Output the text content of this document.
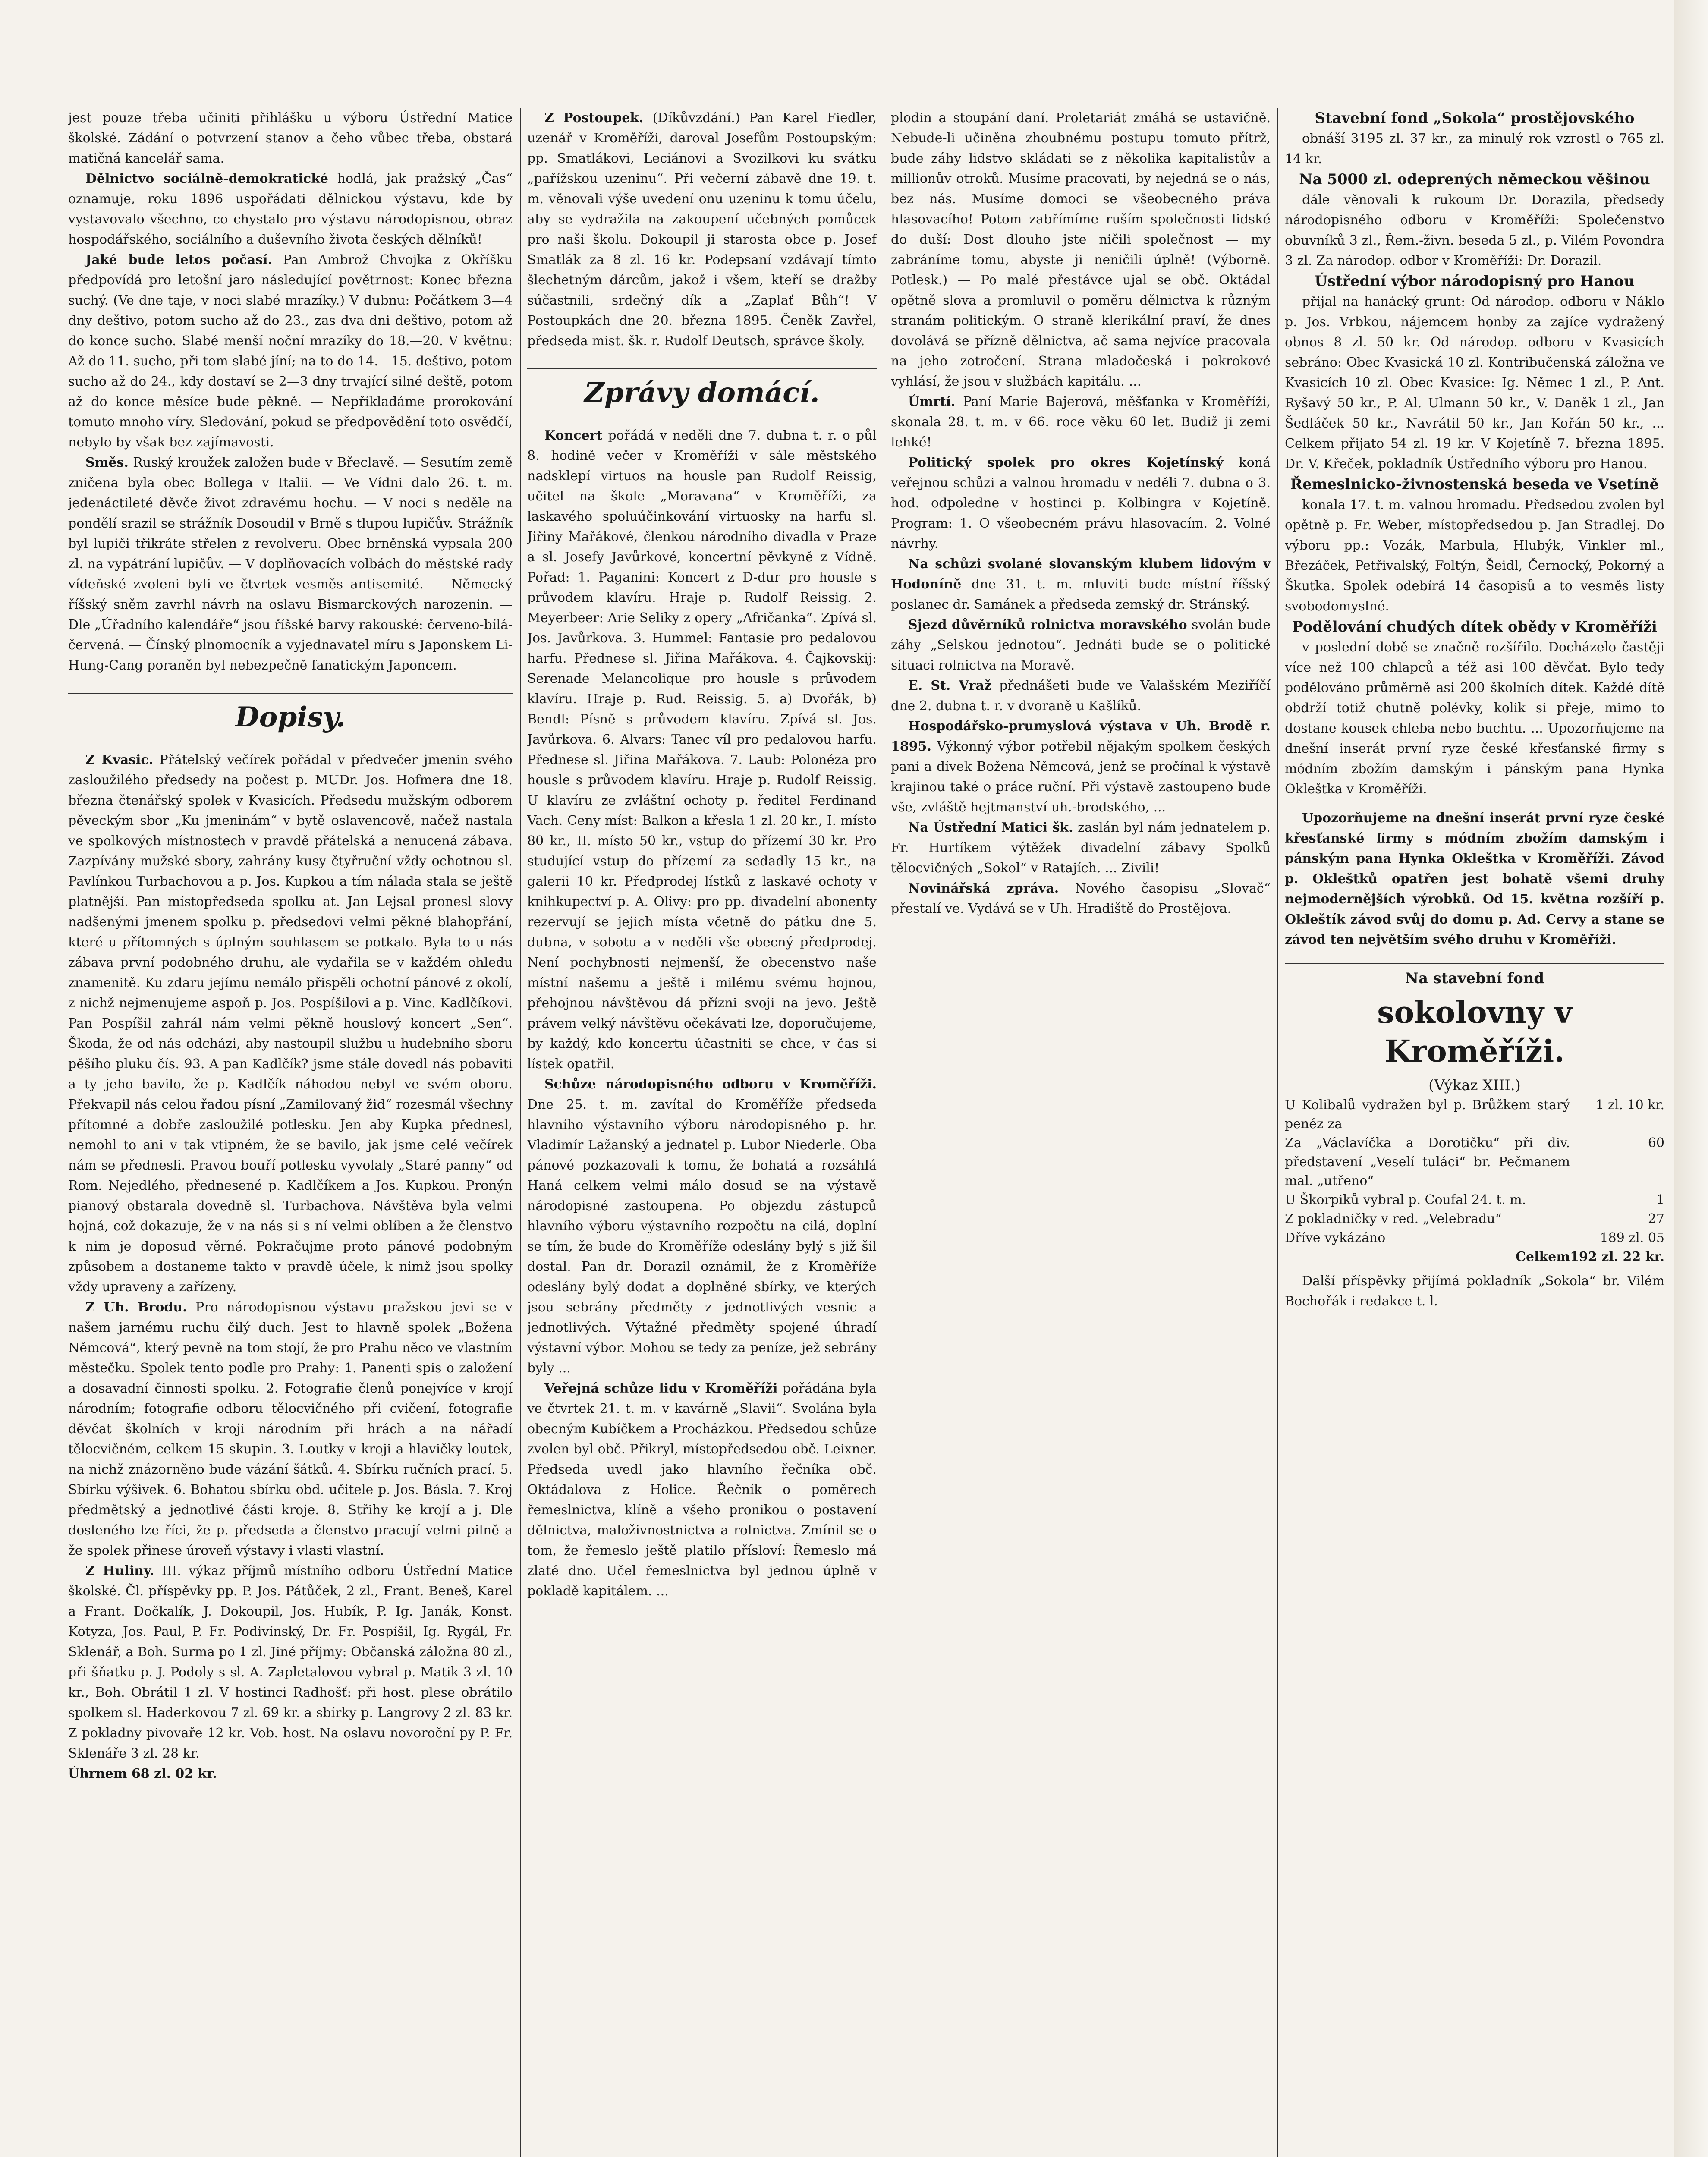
jest pouze třeba učiniti přihlášku u výboru Ústřední Matice školské. Zádání o potvrzení stanov a čeho vůbec třeba, obstará matičná kancelář sama.

Dělnictvo sociálně-demokratické hodlá, jak pražský „Čas“ oznamuje, roku 1896 uspořádati dělnickou výstavu, kde by vystavovalo všechno, co chystalo pro výstavu národopisnou, obraz hospodářského, sociálního a duševního života českých dělníků!

Jaké bude letos počasí. Pan Ambrož Chvojka z Okříšku předpovídá pro letošní jaro následující povětrnost: Konec března suchý. (Ve dne taje, v noci slabé mrazíky.) V dubnu: Počátkem 3—4 dny deštivo, potom sucho až do 23., zas dva dni deštivo, potom až do konce sucho. Slabé menší noční mrazíky do 18.—20. V květnu: Až do 11. sucho, při tom slabé jíní; na to do 14.—15. deštivo, potom sucho až do 24., kdy dostaví se 2—3 dny trvající silné deště, potom až do konce měsíce bude pěkně. — Nepříkladáme prorokování tomuto mnoho víry. Sledování, pokud se předpovědění toto osvědčí, nebylo by však bez zajímavosti.

Směs. Ruský kroužek založen bude v Břeclavě. — Sesutím země zničena byla obec Bollega v Italii. — Ve Vídni dalo 26. t. m. jedenáctileté děvče život zdravému hochu. — V noci s neděle na pondělí srazil se strážník Dosoudil v Brně s tlupou lupičův. Strážník byl lupiči třikráte střelen z revolveru. Obec brněnská vypsala 200 zl. na vypátrání lupičův. — V doplňovacích volbách do městské rady vídeňské zvoleni byli ve čtvrtek vesměs antisemité. — Německý říšský sněm zavrhl návrh na oslavu Bismarckových narozenin. — Dle „Úřadního kalendáře“ jsou říšské barvy rakouské: červeno-bílá-červená. — Čínský plnomocník a vyjednavatel míru s Japonskem Li-Hung-Cang poraněn byl nebezpečně fanatickým Japoncem.

Dopisy.

Z Kvasic. Přátelský večírek pořádal v předvečer jmenin svého zasloužilého předsedy na počest p. MUDr. Jos. Hofmera dne 18. března čtenářský spolek v Kvasicích. Předsedu mužským odborem pěveckým sbor „Ku jmeninám“ v bytě oslavencově, načež nastala ve spolkových místnostech v pravdě přátelská a nenucená zábava. Zazpívány mužské sbory, zahrány kusy čtyřruční vždy ochotnou sl. Pavlínkou Turbachovou a p. Jos. Kupkou a tím nálada stala se ještě platnější. Pan místopředseda spolku at. Jan Lejsal pronesl slovy nadšenými jmenem spolku p. předsedovi velmi pěkné blahopřání, které u přítomných s úplným souhlasem se potkalo. Byla to u nás zábava první podobného druhu, ale vydařila se v každém ohledu znamenitě. Ku zdaru jejímu nemálo přispěli ochotní pánové z okolí, z nichž nejmenujeme aspoň p. Jos. Pospíšilovi a p. Vinc. Kadlčíkovi. Pan Pospíšil zahrál nám velmi pěkně houslový koncert „Sen“. Škoda, že od nás odcházi, aby nastoupil službu u hudebního sboru pěšího pluku čís. 93. A pan Kadlčík? jsme stále dovedl nás pobaviti a ty jeho bavilo, že p. Kadlčík náhodou nebyl ve svém oboru. Překvapil nás celou řadou písní „Zamilovaný žid“ rozesmál všechny přítomné a dobře zasloužilé potlesku. Jen aby Kupka přednesl, nemohl to ani v tak vtipném, že se bavilo, jak jsme celé večírek nám se přednesli. Pravou bouří potlesku vyvolaly „Staré panny“ od Rom. Nejedlého, přednesené p. Kadlčíkem a Jos. Kupkou. Pronýn pianový obstarala dovedně sl. Turbachova. Návštěva byla velmi hojná, což dokazuje, že v na nás si s ní velmi oblíben a že členstvo k nim je doposud věrné. Pokračujme proto pánové podobným způsobem a dostaneme takto v pravdě účele, k nimž jsou spolky vždy upraveny a zařízeny.

Z Uh. Brodu. Pro národopisnou výstavu pražskou jevi se v našem jarnému ruchu čilý duch. Jest to hlavně spolek „Božena Němcová“, který pevně na tom stojí, že pro Prahu něco ve vlastním městečku. Spolek tento podle pro Prahy: 1. Panenti spis o založení a dosavadní činnosti spolku. 2. Fotografie členů ponejvíce v krojí národním; fotografie odboru tělocvičného při cvičení, fotografie děvčat školních v kroji národním při hrách a na nářadí tělocvičném, celkem 15 skupin. 3. Loutky v kroji a hlavičky loutek, na nichž znázorněno bude vázání šátků. 4. Sbírku ručních prací. 5. Sbírku výšivek. 6. Bohatou sbírku obd. učitele p. Jos. Básla. 7. Kroj předmětský a jednotlivé části kroje. 8. Střihy ke krojí a j. Dle dosleného lze říci, že p. předseda a členstvo pracují velmi pilně a že spolek přinese úroveň výstavy i vlasti vlastní.

Z Huliny. III. výkaz příjmů místního odboru Ústřední Matice školské. Čl. příspěvky pp. P. Jos. Pátůček, 2 zl., Frant. Beneš, Karel a Frant. Dočkalík, J. Dokoupil, Jos. Hubík, P. Ig. Janák, Konst. Kotyza, Jos. Paul, P. Fr. Podivínský, Dr. Fr. Pospíšil, Ig. Rygál, Fr. Sklenář, a Boh. Surma po 1 zl. Jiné příjmy: Občanská záložna 80 zl., při šňatku p. J. Podoly s sl. A. Zapletalovou vybral p. Matik 3 zl. 10 kr., Boh. Obrátil 1 zl. V hostinci Radhošť: při host. plese obrátilo spolkem sl. Haderkovou 7 zl. 69 kr. a sbírky p. Langrovy 2 zl. 83 kr. Z pokladny pivovaře 12 kr. Vob. host. Na oslavu novoroční py P. Fr. Sklenáře 3 zl. 28 kr.

Úhrnem 68 zl. 02 kr.

Z Postoupek. (Díkůvzdání.) Pan Karel Fiedler, uzenář v Kroměříži, daroval Josefům Postoupským: pp. Smatlákovi, Leciánovi a Svozilkovi ku svátku „pařížskou uzeninu“. Při večerní zábavě dne 19. t. m. věnovali výše uvedení onu uzeninu k tomu účelu, aby se vydražila na zakoupení učebných pomůcek pro naši školu. Dokoupil ji starosta obce p. Josef Smatlák za 8 zl. 16 kr. Podepsaní vzdávají tímto šlechetným dárcům, jakož i všem, kteří se dražby súčastnili, srdečný dík a „Zaplať Bůh“! V Postoupkách dne 20. března 1895. Čeněk Zavřel, předseda mist. šk. r. Rudolf Deutsch, správce školy.

Zprávy domácí.

Koncert pořádá v neděli dne 7. dubna t. r. o půl 8. hodině večer v Kroměříži v sále městského nadsklepí virtuos na housle pan Rudolf Reissig, učitel na škole „Moravana“ v Kroměříži, za laskavého spoluúčinkování virtuosky na harfu sl. Jiřiny Mařákové, členkou národního divadla v Praze a sl. Josefy Javůrkové, koncertní pěvkyně z Vídně. Pořad: 1. Paganini: Koncert z D-dur pro housle s průvodem klavíru. Hraje p. Rudolf Reissig. 2. Meyerbeer: Arie Seliky z opery „Afričanka“. Zpívá sl. Jos. Javůrkova. 3. Hummel: Fantasie pro pedalovou harfu. Přednese sl. Jiřina Mařákova. 4. Čajkovskij: Serenade Melancolique pro housle s průvodem klavíru. Hraje p. Rud. Reissig. 5. a) Dvořák, b) Bendl: Písně s průvodem klavíru. Zpívá sl. Jos. Javůrkova. 6. Alvars: Tanec víl pro pedalovou harfu. Přednese sl. Jiřina Mařákova. 7. Laub: Polonéza pro housle s průvodem klavíru. Hraje p. Rudolf Reissig. U klavíru ze zvláštní ochoty p. ředitel Ferdinand Vach. Ceny míst: Balkon a křesla 1 zl. 20 kr., I. místo 80 kr., II. místo 50 kr., vstup do přízemí 30 kr. Pro studující vstup do přízemí za sedadly 15 kr., na galerii 10 kr. Předprodej lístků z laskavé ochoty v knihkupectví p. A. Olivy: pro pp. divadelní abonenty rezervují se jejich místa včetně do pátku dne 5. dubna, v sobotu a v neděli vše obecný předprodej. Není pochybnosti nejmenší, že obecenstvo naše místní našemu a ještě i milému svému hojnou, přehojnou návštěvou dá přízni svoji na jevo. Ještě právem velký návštěvu očekávati lze, doporučujeme, by každý, kdo koncertu účastniti se chce, v čas si lístek opatřil.

Schůze národopisného odboru v Kroměříži. Dne 25. t. m. zavítal do Kroměříže předseda hlavního výstavního výboru národopisného p. hr. Vladimír Lažanský a jednatel p. Lubor Niederle. Oba pánové pozkazovali k tomu, že bohatá a rozsáhlá Haná celkem velmi málo dosud se na výstavě národopisné zastoupena. Po objezdu zástupců hlavního výboru výstavního rozpočtu na cilá, doplní se tím, že bude do Kroměříže odeslány bylý s již šil dostal. Pan dr. Dorazil oznámil, že z Kroměříže odeslány bylý dodat a doplněné sbírky, ve kterých jsou sebrány předměty z jednotlivých vesnic a jednotlivých. Výtažné předměty spojené úhradí výstavní výbor. Mohou se tedy za peníze, jež sebrány byly ...

Veřejná schůze lidu v Kroměříži pořádána byla ve čtvrtek 21. t. m. v kavárně „Slavii“. Svolána byla obecným Kubíčkem a Procházkou. Předsedou schůze zvolen byl obč. Přikryl, místopředsedou obč. Leixner. Předseda uvedl jako hlavního řečníka obč. Oktádalova z Holice. Řečník o poměrech řemeslnictva, klíně a všeho pronikou o postavení dělnictva, maloživnostnictva a rolnictva. Zmínil se o tom, že řemeslo ještě platilo přísloví: Řemeslo má zlaté dno. Učel řemeslnictva byl jednou úplně v pokladě kapitálem. ...

plodin a stoupání daní. Proletariát zmáhá se ustavičně. Nebude-li učiněna zhoubnému postupu tomuto přítrž, bude záhy lidstvo skládati se z několika kapitalistův a millionův otroků. Musíme pracovati, by nejedná se o nás, bez nás. Musíme domoci se všeobecného práva hlasovacího! Potom zabřímíme ruším společnosti lidské do duší: Dost dlouho jste ničili společnost — my zabráníme tomu, abyste ji neničili úplně! (Výborně. Potlesk.) — Po malé přestávce ujal se obč. Oktádal opětně slova a promluvil o poměru dělnictva k různým stranám politickým. O straně klerikální praví, že dnes dovolává se přízně dělnictva, ač sama nejvíce pracovala na jeho zotročení. Strana mladočeská i pokrokové vyhlásí, že jsou v službách kapitálu. ...

Úmrtí. Paní Marie Bajerová, měšťanka v Kroměříži, skonala 28. t. m. v 66. roce věku 60 let. Budiž ji zemi lehké!

Politický spolek pro okres Kojetínský koná veřejnou schůzi a valnou hromadu v neděli 7. dubna o 3. hod. odpoledne v hostinci p. Kolbingra v Kojetíně. Program: 1. O všeobecném právu hlasovacím. 2. Volné návrhy.

Na schůzi svolané slovanským klubem lidovým v Hodoníně dne 31. t. m. mluviti bude místní říšský poslanec dr. Samánek a předseda zemský dr. Stránský.

Sjezd důvěrníků rolnictva moravského svolán bude záhy „Selskou jednotou“. Jednáti bude se o politické situaci rolnictva na Moravě.

E. St. Vraž přednášeti bude ve Valašském Meziříčí dne 2. dubna t. r. v dvoraně u Kašlíků.

Hospodářsko-prumyslová výstava v Uh. Brodě r. 1895. Výkonný výbor potřebil nějakým spolkem českých paní a dívek Božena Němcová, jenž se pročínal k výstavě krajinou také o práce ruční. Při výstavě zastoupeno bude vše, zvláště hejtmanství uh.-brodského, ...

Na Ústřední Matici šk. zaslán byl nám jednatelem p. Fr. Hurtíkem výtěžek divadelní zábavy Spolků tělocvičných „Sokol“ v Ratajích. ... Zivili!

Novinářská zpráva. Nového časopisu „Slovač“ přestalí ve. Vydává se v Uh. Hradiště do Prostějova.

Stavební fond „Sokola“ prostějovského

obnáší 3195 zl. 37 kr., za minulý rok vzrostl o 765 zl. 14 kr.

Na 5000 zl. odeprených německou věšinou

dále věnovali k rukoum Dr. Dorazila, předsedy národopisného odboru v Kroměříži: Společenstvo obuvníků 3 zl., Řem.-živn. beseda 5 zl., p. Vilém Povondra 3 zl. Za národop. odbor v Kroměříži: Dr. Dorazil.

Ústřední výbor národopisný pro Hanou

přijal na hanácký grunt: Od národop. odboru v Náklo p. Jos. Vrbkou, nájemcem honby za zajíce vydražený obnos 8 zl. 50 kr. Od národop. odboru v Kvasicích sebráno: Obec Kvasická 10 zl. Kontribučenská záložna ve Kvasicích 10 zl. Obec Kvasice: Ig. Němec 1 zl., P. Ant. Ryšavý 50 kr., P. Al. Ulmann 50 kr., V. Daněk 1 zl., Jan Šedláček 50 kr., Navrátil 50 kr., Jan Kořán 50 kr., ... Celkem přijato 54 zl. 19 kr. V Kojetíně 7. března 1895. Dr. V. Křeček, pokladník Ústředního výboru pro Hanou.

Řemeslnicko-živnostenská beseda ve Vsetíně

konala 17. t. m. valnou hromadu. Předsedou zvolen byl opětně p. Fr. Weber, místopředsedou p. Jan Stradlej. Do výboru pp.: Vozák, Marbula, Hlubýk, Vinkler ml., Březáček, Petřivalský, Foltýn, Šeidl, Černocký, Pokorný a Škutka. Spolek odebírá 14 časopisů a to vesměs listy svobodomyslné.

Podělování chudých dítek obědy v Kroměříži

v poslední době se značně rozšířilo. Docházelo častěji více než 100 chlapců a též asi 100 děvčat. Bylo tedy podělováno průměrně asi 200 školních dítek. Každé dítě obdrží totiž chutně polévky, kolik si přeje, mimo to dostane kousek chleba nebo buchtu. ... Upozorňujeme na dnešní inserát první ryze české křesťanské firmy s módním zbožím damským i pánským pana Hynka Okleštka v Kroměříži.

Upozorňujeme na dnešní inserát první ryze české křesťanské firmy s módním zbožím damským i pánským pana Hynka Okleštka v Kroměříži. Závod p. Okleštků opatřen jest bohatě všemi druhy nejmodernějších výrobků. Od 15. května rozšíří p. Okleštík závod svůj do domu p. Ad. Cervy a stane se závod ten největším svého druhu v Kroměříži.

Na stavební fond
sokolovny v Kroměříži.
(Výkaz XIII.)
U Kolibalů vydražen byl p. Brůžkem starý penéz za	1 zl. 10 kr.
Za „Václavíčka a Dorotičku“ při div. představení „Veselí tuláci“ br. Pečmanem mal. „utřeno“	60
U Škorpiků vybral p. Coufal 24. t. m.	1
Z pokladničky v red. „Velebradu“	27
Dříve vykázáno	189 zl. 05
Celkem	192 zl. 22 kr.

Další příspěvky přijímá pokladník „Sokola“ br. Vilém Bochořák i redakce t. l.
